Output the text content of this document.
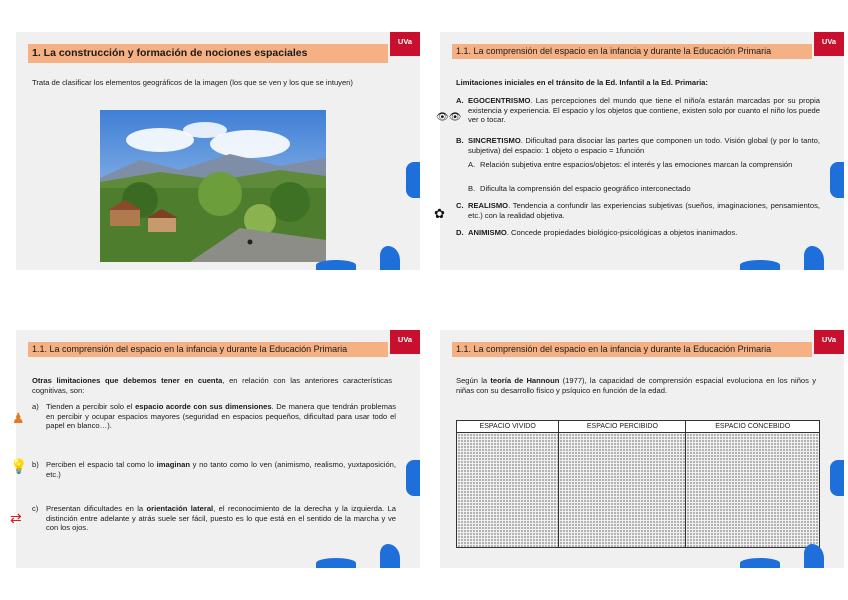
1. La construcción y formación de nociones espaciales
UVa
Trata de clasificar los elementos geográficos de la imagen (los que se ven y los que se intuyen)
1.1. La comprensión del espacio en la infancia y durante la Educación Primaria
UVa
Limitaciones iniciales en el tránsito de la Ed. Infantil a la Ed. Primaria:
👁👁
A. EGOCENTRISMO. Las percepciones del mundo que tiene el niño/a estarán marcadas por su propia existencia y experiencia. El espacio y los objetos que contiene, existen solo por cuanto el niño los puede ver o tocar.
B. SINCRETISMO. Dificultad para disociar las partes que componen un todo. Visión global (y por lo tanto, subjetiva) del espacio: 1 objeto o espacio = 1función
A. Relación subjetiva entre espacios/objetos: el interés y las emociones marcan la comprensión
B. Dificulta la comprensión del espacio geográfico interconectado
✿
C. REALISMO. Tendencia a confundir las experiencias subjetivas (sueños, imaginaciones, pensamientos, etc.) con la realidad objetiva.
D. ANIMISMO. Concede propiedades biológico-psicológicas a objetos inanimados.
1.1. La comprensión del espacio en la infancia y durante la Educación Primaria
UVa
Otras limitaciones que debemos tener en cuenta, en relación con las anteriores características cognitivas, son:
♟
a) Tienden a percibir solo el espacio acorde con sus dimensiones. De manera que tendrán problemas en percibir y ocupar espacios mayores (seguridad en espacios pequeños, dificultad para usar todo el papel en blanco…).
💡 b) Perciben el espacio tal como lo imaginan y no tanto como lo ven (animismo, realismo, yuxtaposición, etc.)
⇄
c)	Presentan dificultades en la orientación lateral, el reconocimiento de la derecha y la izquierda. La distinción entre adelante y atrás suele ser fácil, puesto es lo que está en el sentido de la marcha y ve con los ojos.
1.1. La comprensión del espacio en la infancia y durante la Educación Primaria
UVa
Según la teoría de Hannoun (1977), la capacidad de comprensión espacial evoluciona en los niños y niñas con su desarrollo físico y psíquico en función de la edad.
ESPACIO VIVIDO	ESPACIO PERCIBIDO	ESPACIO CONCEBIDO
